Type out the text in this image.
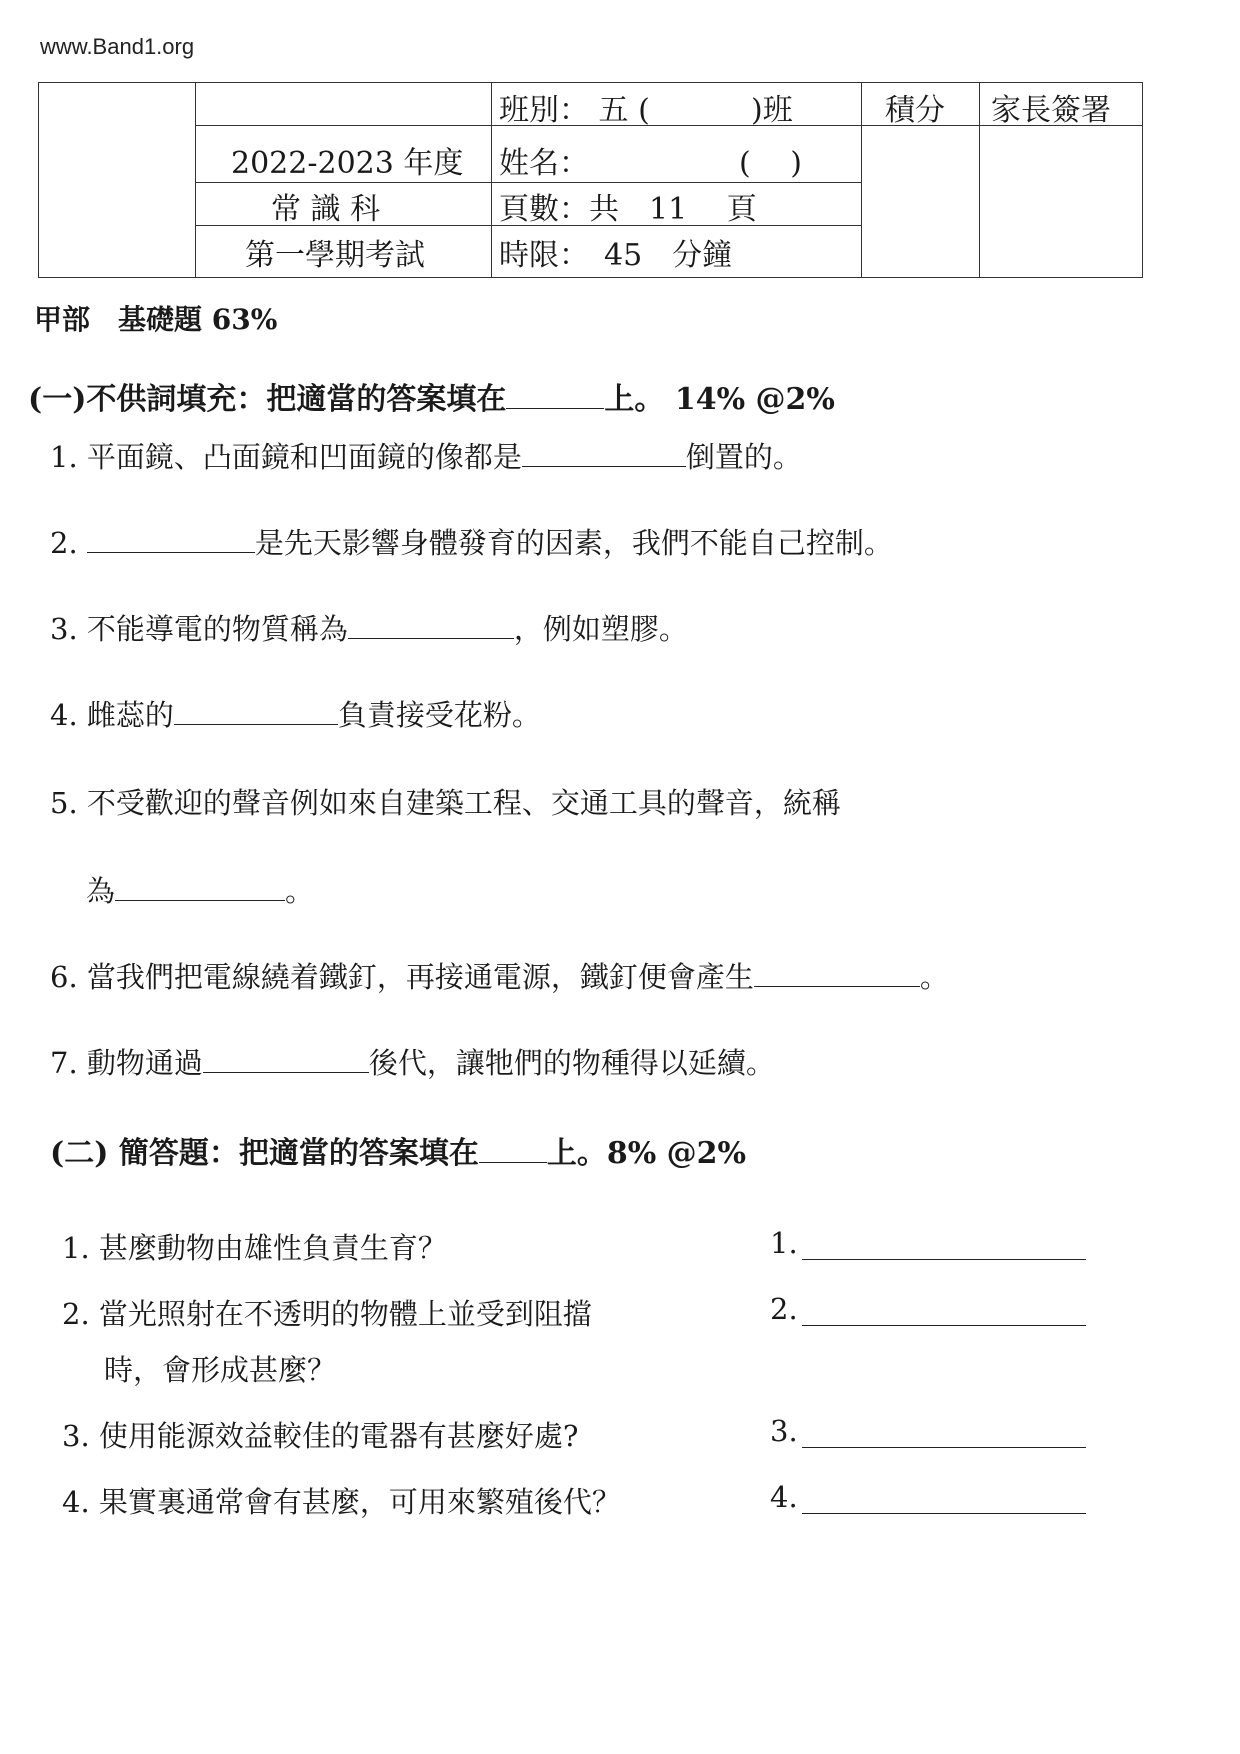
www.Band1.org
班別： 五 (	)班	積分 家長簽署
2022-2023 年度 姓名：	(　 )
常 識 科	頁數：共　11　 頁
第一學期考試 時限：　45　分鐘
甲部　基礎題 63%
(一)不供詞填充：把適當的答案填在	上。 14% @2%
1. 平面鏡、凸面鏡和凹面鏡的像都是	倒置的。
2.	是先天影響身體發育的因素，我們不能自己控制。
3. 不能導電的物質稱為	，例如塑膠。
4. 雌蕊的	負責接受花粉。
5. 不受歡迎的聲音例如來自建築工程、交通工具的聲音，統稱
為	。
6. 當我們把電線繞着鐵釘，再接通電源，鐵釘便會產生	。
7. 動物通過	後代，讓牠們的物種得以延續。
(二) 簡答題：把適當的答案填在 上。8% @2%
1. 甚麼動物由雄性負責生育？	1.
2. 當光照射在不透明的物體上並受到阻擋
時，會形成甚麼？
2.
3. 使用能源效益較佳的電器有甚麼好處?	3.
4. 果實裏通常會有甚麼，可用來繁殖後代？	4.
